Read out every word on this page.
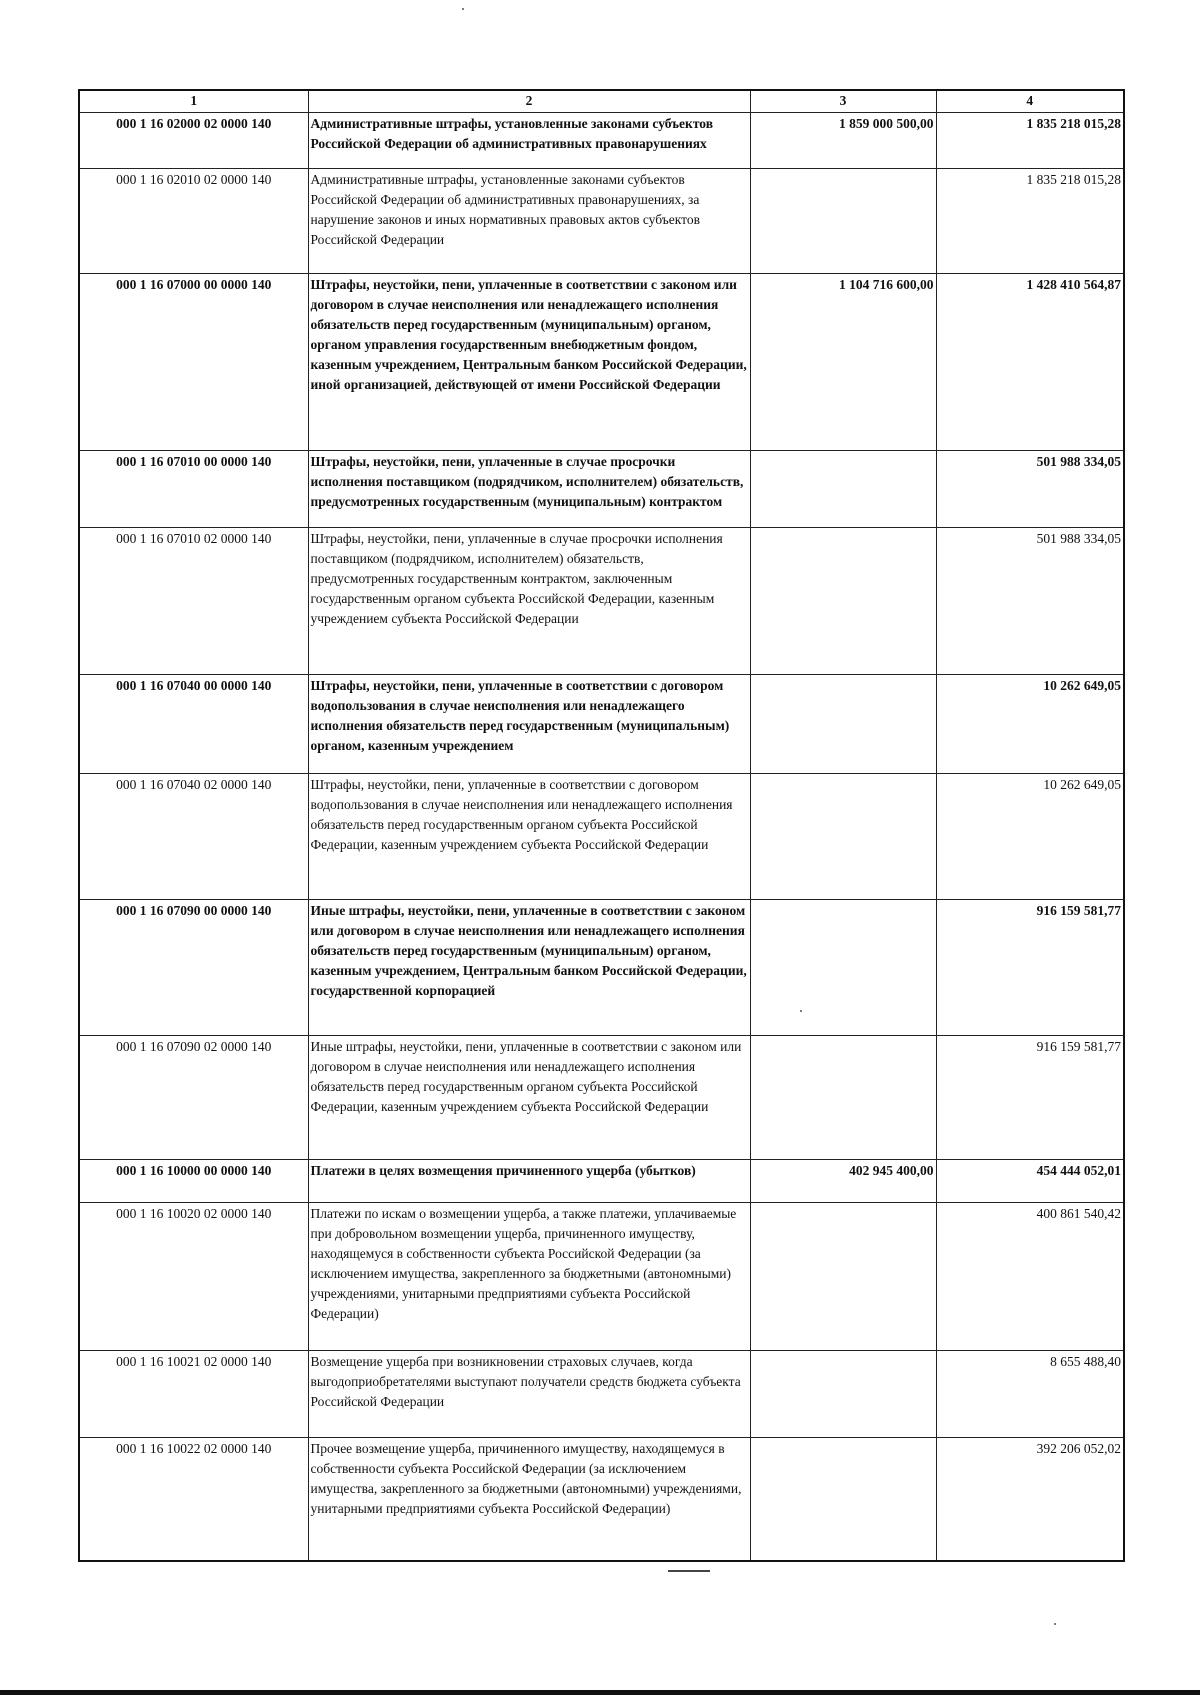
1	2	3	4
000 1 16 02000 02 0000 140	Административные штрафы, установленные законами субъектов Российской Федерации об административных правонарушениях	1 859 000 500,00	1 835 218 015,28
000 1 16 02010 02 0000 140	Административные штрафы, установленные законами субъектов Российской Федерации об административных правонарушениях, за нарушение законов и иных нормативных правовых актов субъектов Российской Федерации		1 835 218 015,28
000 1 16 07000 00 0000 140	Штрафы, неустойки, пени, уплаченные в соответствии с законом или договором в случае неисполнения или ненадлежащего исполнения обязательств перед государственным (муниципальным) органом, органом управления государственным внебюджетным фондом, казенным учреждением, Центральным банком Российской Федерации, иной организацией, действующей от имени Российской Федерации	1 104 716 600,00	1 428 410 564,87
000 1 16 07010 00 0000 140	Штрафы, неустойки, пени, уплаченные в случае просрочки исполнения поставщиком (подрядчиком, исполнителем) обязательств, предусмотренных государственным (муниципальным) контрактом		501 988 334,05
000 1 16 07010 02 0000 140	Штрафы, неустойки, пени, уплаченные в случае просрочки исполнения поставщиком (подрядчиком, исполнителем) обязательств, предусмотренных государственным контрактом, заключенным государственным органом субъекта Российской Федерации, казенным учреждением субъекта Российской Федерации		501 988 334,05
000 1 16 07040 00 0000 140	Штрафы, неустойки, пени, уплаченные в соответствии с договором водопользования в случае неисполнения или ненадлежащего исполнения обязательств перед государственным (муниципальным) органом, казенным учреждением		10 262 649,05
000 1 16 07040 02 0000 140	Штрафы, неустойки, пени, уплаченные в соответствии с договором водопользования в случае неисполнения или ненадлежащего исполнения обязательств перед государственным органом субъекта Российской Федерации, казенным учреждением субъекта Российской Федерации		10 262 649,05
000 1 16 07090 00 0000 140	Иные штрафы, неустойки, пени, уплаченные в соответствии с законом или договором в случае неисполнения или ненадлежащего исполнения обязательств перед государственным (муниципальным) органом, казенным учреждением, Центральным банком Российской Федерации, государственной корпорацией		916 159 581,77
000 1 16 07090 02 0000 140	Иные штрафы, неустойки, пени, уплаченные в соответствии с законом или договором в случае неисполнения или ненадлежащего исполнения обязательств перед государственным органом субъекта Российской Федерации, казенным учреждением субъекта Российской Федерации		916 159 581,77
000 1 16 10000 00 0000 140	Платежи в целях возмещения причиненного ущерба (убытков)	402 945 400,00	454 444 052,01
000 1 16 10020 02 0000 140	Платежи по искам о возмещении ущерба, а также платежи, уплачиваемые при добровольном возмещении ущерба, причиненного имуществу, находящемуся в собственности субъекта Российской Федерации (за исключением имущества, закрепленного за бюджетными (автономными) учреждениями, унитарными предприятиями субъекта Российской Федерации)		400 861 540,42
000 1 16 10021 02 0000 140	Возмещение ущерба при возникновении страховых случаев, когда выгодоприобретателями выступают получатели средств бюджета субъекта Российской Федерации		8 655 488,40
000 1 16 10022 02 0000 140	Прочее возмещение ущерба, причиненного имуществу, находящемуся в собственности субъекта Российской Федерации (за исключением имущества, закрепленного за бюджетными (автономными) учреждениями, унитарными предприятиями субъекта Российской Федерации)		392 206 052,02
